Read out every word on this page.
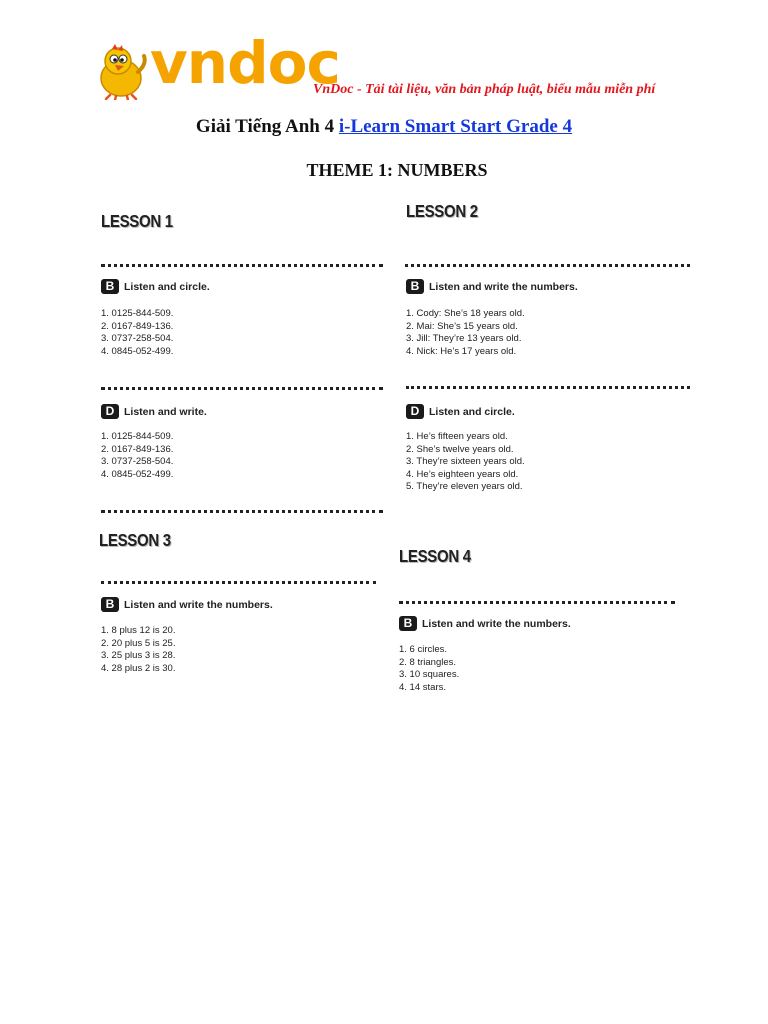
vndoc
VnDoc - Tải tài liệu, văn bản pháp luật, biểu mẫu miễn phí
Giải Tiếng Anh 4 i-Learn Smart Start Grade 4
THEME 1: NUMBERS
LESSON 1
B Listen and circle.
1. 0125-844-509.
2. 0167-849-136.
3. 0737-258-504.
4. 0845-052-499.
D Listen and write.
1. 0125-844-509.
2. 0167-849-136.
3. 0737-258-504.
4. 0845-052-499.
LESSON 2
B Listen and write the numbers.
1. Cody: She’s 18 years old.
2. Mai: She’s 15 years old.
3. Jill: They’re 13 years old.
4. Nick: He’s 17 years old.
D Listen and circle.
1. He’s fifteen years old.
2. She’s twelve years old.
3. They’re sixteen years old.
4. He’s eighteen years old.
5. They’re eleven years old.
LESSON 3
B Listen and write the numbers.
1. 8 plus 12 is 20.
2. 20 plus 5 is 25.
3. 25 plus 3 is 28.
4. 28 plus 2 is 30.
LESSON 4
B Listen and write the numbers.
1. 6 circles.
2. 8 triangles.
3. 10 squares.
4. 14 stars.
